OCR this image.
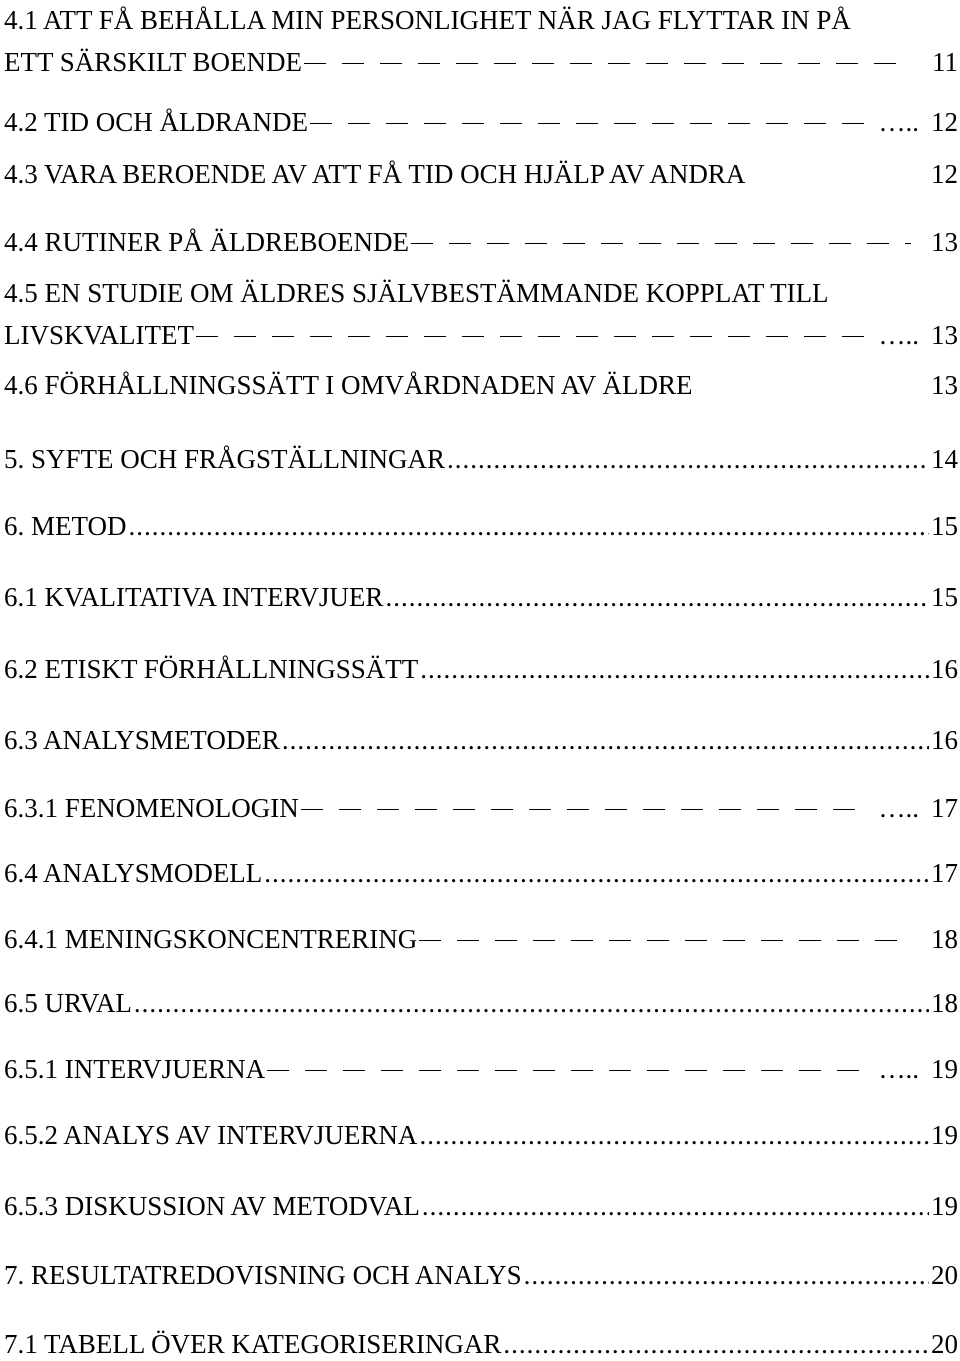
4.1 ATT FÅ BEHÅLLA MIN PERSONLIGHET NÄR JAG FLYTTAR IN PÅ
ETT SÄRSKILT BOENDE	11
4.2 TID OCH ÅLDRANDE	….. 12
4.3 VARA BEROENDE AV ATT FÅ TID OCH HJÄLP AV ANDRA	12
4.4 RUTINER PÅ ÄLDREBOENDE	13
4.5 EN STUDIE OM ÄLDRES SJÄLVBESTÄMMANDE KOPPLAT TILL
LIVSKVALITET	….. 13
4.6 FÖRHÅLLNINGSSÄTT I OMVÅRDNADEN AV ÄLDRE	13
5. SYFTE OCH FRÅGSTÄLLNINGAR .....	14
6. METOD .....	15
6.1 KVALITATIVA INTERVJUER .....	15
6.2 ETISKT FÖRHÅLLNINGSSÄTT .....	16
6.3 ANALYSMETODER .....	16
6.3.1 FENOMENOLOGIN	….. 17
6.4 ANALYSMODELL .....	17
6.4.1 MENINGSKONCENTRERING	18
6.5 URVAL .....	18
6.5.1 INTERVJUERNA	….. 19
6.5.2 ANALYS AV INTERVJUERNA .....	19
6.5.3 DISKUSSION AV METODVAL .....	19
7. RESULTATREDOVISNING OCH ANALYS .....	20
7.1 TABELL ÖVER KATEGORISERINGAR .....	20
